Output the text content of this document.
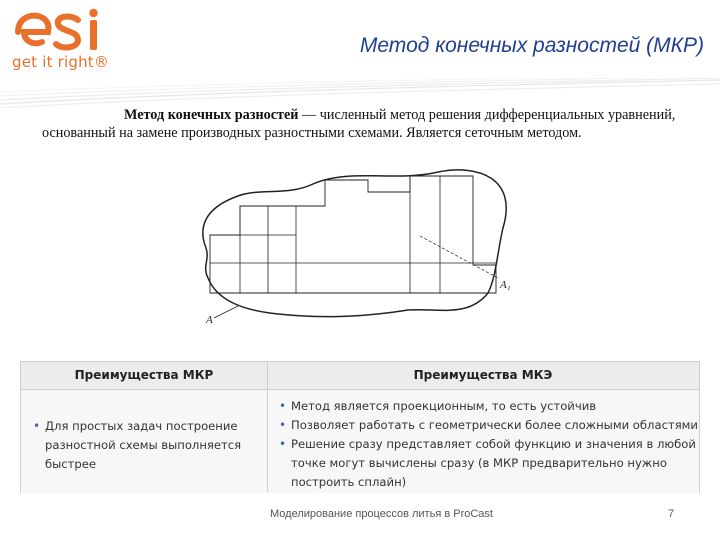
get it right®
Метод конечных разностей (МКР)
Метод конечных разностей — численный метод решения дифференциальных уравнений, основанный на замене производных разностными схемами. Является сеточным методом.
A
A₁
Преимущества МКР	Преимущества МКЭ
• Для простых задач построение разностной схемы выполняется быстрее
• Метод является проекционным, то есть устойчив
• Позволяет работать с геометрически более сложными областями
• Решение сразу представляет собой функцию и значения в любой точке могут вычислены сразу (в МКР предварительно нужно построить сплайн)
Моделирование процессов литья в ProCast	7
